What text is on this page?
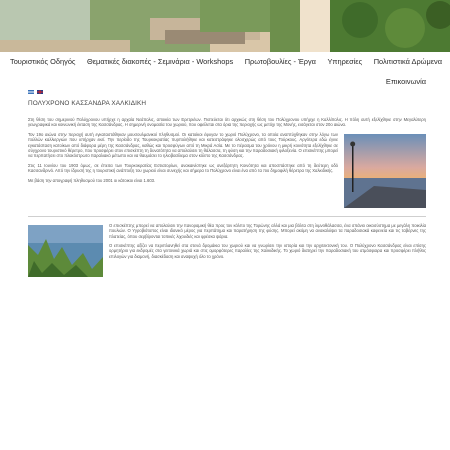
Τουριστικός Οδηγός Θεματικές διακοπές - Σεμινάρια - Workshops Πρωτοβουλίες - Έργα Υπηρεσίες Πολιτιστικά Δρώμενα
Επικοινωνία
ΠΟΛΥΧΡΟΝΟ ΚΑΣΣΑΝΔΡΑ ΧΑΛΚΙΔΙΚΗ

Στη θέση του σημερινού Πολύχρονου υπήρχε η αρχαία Νεάπολις, αποικία των Ερετριέων. Πιστεύεται ότι αρχικώς στη θέση του Πολύχρονου υπήρχε η Καλλίπολις. Η πόλη αυτή εξελίχθηκε στην Μεγαλύτερη γεωγραφικά και κοινωνική έκταση της Κασσάνδρας. Η σημερινή ονομασία του χωριού, που οφείλεται στα όρια της περιοχής ως μετόχι της Μονής, εισάγεται στον 20ο αιώνα.

Τον 19ο αιώνα στην περιοχή αυτή εγκαταστάθηκαν μουσουλμανικοί πληθυσμοί. Οι κατοίκοι έφυγαν το χωριό Πολύχρονο, τα οποία αναπτύχθηκαν στην λόγω των πολλών καλλιεργιών που υπήρχαν εκεί. Την περίοδο της Τουρκοκρατίας πυρπολήθηκε και κατεστράφηκε ολοσχερώς από τους Τούρκους. Αργότερα εδώ έγινε εγκατάσταση κατοίκων από διάφορα μέρη της Κασσάνδρας, καθώς και προσφύγων από τη Μικρά Ασία. Με το πέρασμα του χρόνου η μικρή κοινότητα εξελίχθηκε σε σύγχρονο τουριστικό θέρετρο, που προσφέρει στον επισκέπτη τη δυνατότητα να απολαύσει τη θάλασσα, τη φύση και την παραδοσιακή φιλοξενία. Ο επισκέπτης μπορεί να περπατήσει στο πλακόστρωτο παραλιακό μέτωπο και να θαυμάσει το ηλιοβασίλεμα στον κόλπο της Κασσάνδρας.

Στις 11 Ιουνίου του 1903 όμως, σε έπειτα των Τουρκοκρατίας Εστιατορίων, ανακαινίστηκε ως ανεξάρτητη Κοινότητα και αποσπάστηκε από τη δεύτερη οδό Κασσανδρινό. Από την ίδρυσή της η τουριστική ανάπτυξη του χωριού είναι συνεχής και σήμερα το Πολύχρονο είναι ένα από τα πιο δημοφιλή θέρετρα της Χαλκιδικής.

Με βάση την απογραφή πληθυσμού του 2001 οι κάτοικοι είναι 1.603.

Ο επισκέπτης μπορεί να απολαύσει την πανοραμική θέα προς τον κόλπο της Τορώνης αλλά και μια βόλτα στη λιμνοθάλασσα, ένα σπάνιο οικοσύστημα με μεγάλη ποικιλία πουλιών. Ο Υγροβιότοπος είναι ιδανικό μέρος για περπάτημα και παρατήρηση της φύσης. Μπορεί ακόμη να ανακαλύψει τα παραδοσιακά καφενεία και τις ταβέρνες της πλατείας, όπου σερβίρονται τοπικές λιχουδιές και φρέσκα ψάρια.

Ο επισκέπτης αξίζει να περιπλανηθεί στα στενά δρομάκια του χωριού και να γνωρίσει την ιστορία και την αρχιτεκτονική του. Ο Πολύχρονο Κασσάνδρας είναι επίσης ορμητήριο για εκδρομές στα γειτονικά χωριά και στις ομορφότερες παραλίες της Χαλκιδικής. Το χωριό διατηρεί την παραδοσιακή του ατμόσφαιρα και προσφέρει πλήθος επιλογών για διαμονή, διασκέδαση και αναψυχή όλο το χρόνο.
